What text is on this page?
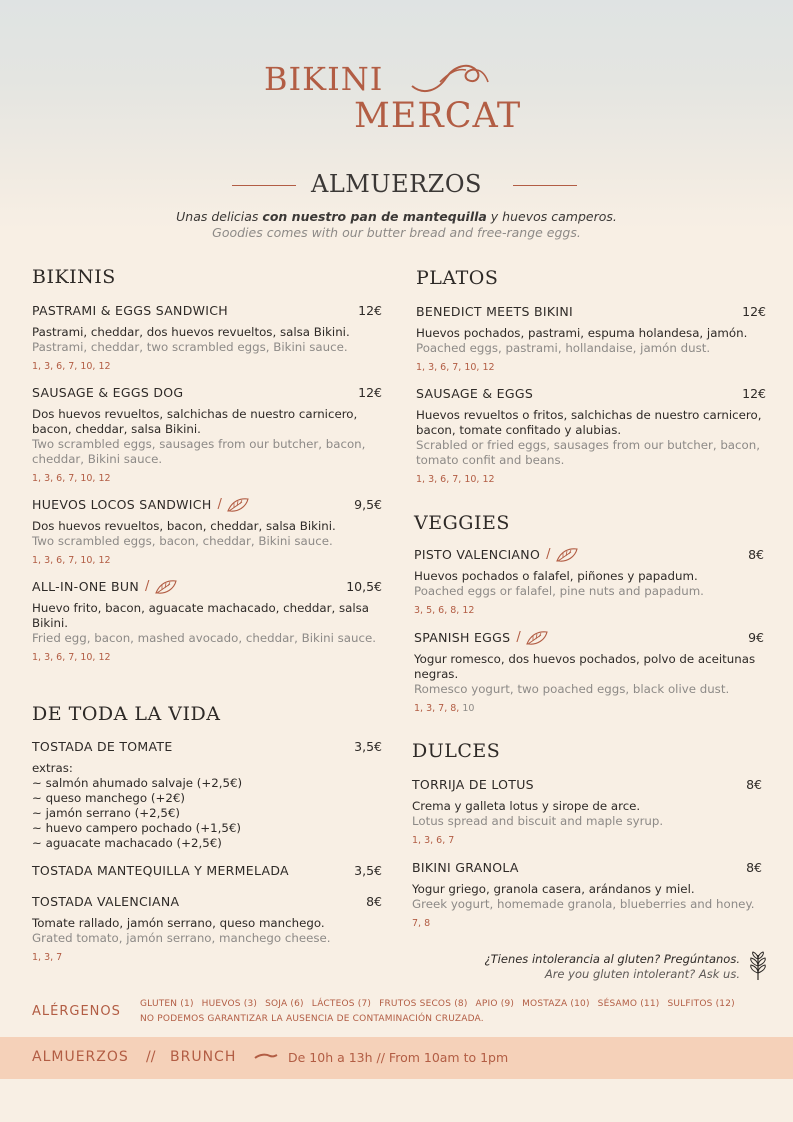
BIKINI
MERCAT
ALMUERZOS
Unas delicias con nuestro pan de mantequilla y huevos camperos.
Goodies comes with our butter bread and free-range eggs.
BIKINIS
PASTRAMI & EGGS SANDWICH	12€
Pastrami, cheddar, dos huevos revueltos, salsa Bikini.
Pastrami, cheddar, two scrambled eggs, Bikini sauce.
1, 3, 6, 7, 10, 12
SAUSAGE & EGGS DOG	12€
Dos huevos revueltos, salchichas de nuestro carnicero, bacon, cheddar, salsa Bikini.
Two scrambled eggs, sausages from our butcher, bacon, cheddar, Bikini sauce.
1, 3, 6, 7, 10, 12
HUEVOS LOCOS SANDWICH /	9,5€
Dos huevos revueltos, bacon, cheddar, salsa Bikini.
Two scrambled eggs, bacon, cheddar, Bikini sauce.
1, 3, 6, 7, 10, 12
ALL-IN-ONE BUN /	10,5€
Huevo frito, bacon, aguacate machacado, cheddar, salsa Bikini.
Fried egg, bacon, mashed avocado, cheddar, Bikini sauce.
1, 3, 6, 7, 10, 12
DE TODA LA VIDA
TOSTADA DE TOMATE	3,5€
extras:
~ salmón ahumado salvaje (+2,5€)
~ queso manchego (+2€)
~ jamón serrano (+2,5€)
~ huevo campero pochado (+1,5€)
~ aguacate machacado (+2,5€)
TOSTADA MANTEQUILLA Y MERMELADA	3,5€
TOSTADA VALENCIANA	8€
Tomate rallado, jamón serrano, queso manchego.
Grated tomato, jamón serrano, manchego cheese.
1, 3, 7
PLATOS
BENEDICT MEETS BIKINI	12€
Huevos pochados, pastrami, espuma holandesa, jamón.
Poached eggs, pastrami, hollandaise, jamón dust.
1, 3, 6, 7, 10, 12
SAUSAGE & EGGS	12€
Huevos revueltos o fritos, salchichas de nuestro carnicero, bacon, tomate confitado y alubias.
Scrabled or fried eggs, sausages from our butcher, bacon, tomato confit and beans.
1, 3, 6, 7, 10, 12
VEGGIES
PISTO VALENCIANO /	8€
Huevos pochados o falafel, piñones y papadum.
Poached eggs or falafel, pine nuts and papadum.
3, 5, 6, 8, 12
SPANISH EGGS /	9€
Yogur romesco, dos huevos pochados, polvo de aceitunas negras.
Romesco yogurt, two poached eggs, black olive dust.
1, 3, 7, 8, 10
DULCES
TORRIJA DE LOTUS	8€
Crema y galleta lotus y sirope de arce.
Lotus spread and biscuit and maple syrup.
1, 3, 6, 7
BIKINI GRANOLA	8€
Yogur griego, granola casera, arándanos y miel.
Greek yogurt, homemade granola, blueberries and honey.
7, 8
¿Tienes intolerancia al gluten? Pregúntanos.
Are you gluten intolerant? Ask us.
ALÉRGENOS GLUTEN (1) HUEVOS (3) SOJA (6) LÁCTEOS (7) FRUTOS SECOS (8) APIO (9) MOSTAZA (10) SÉSAMO (11) SULFITOS (12)
NO PODEMOS GARANTIZAR LA AUSENCIA DE CONTAMINACIÓN CRUZADA.
ALMUERZOS // BRUNCH	De 10h a 13h // From 10am to 1pm
